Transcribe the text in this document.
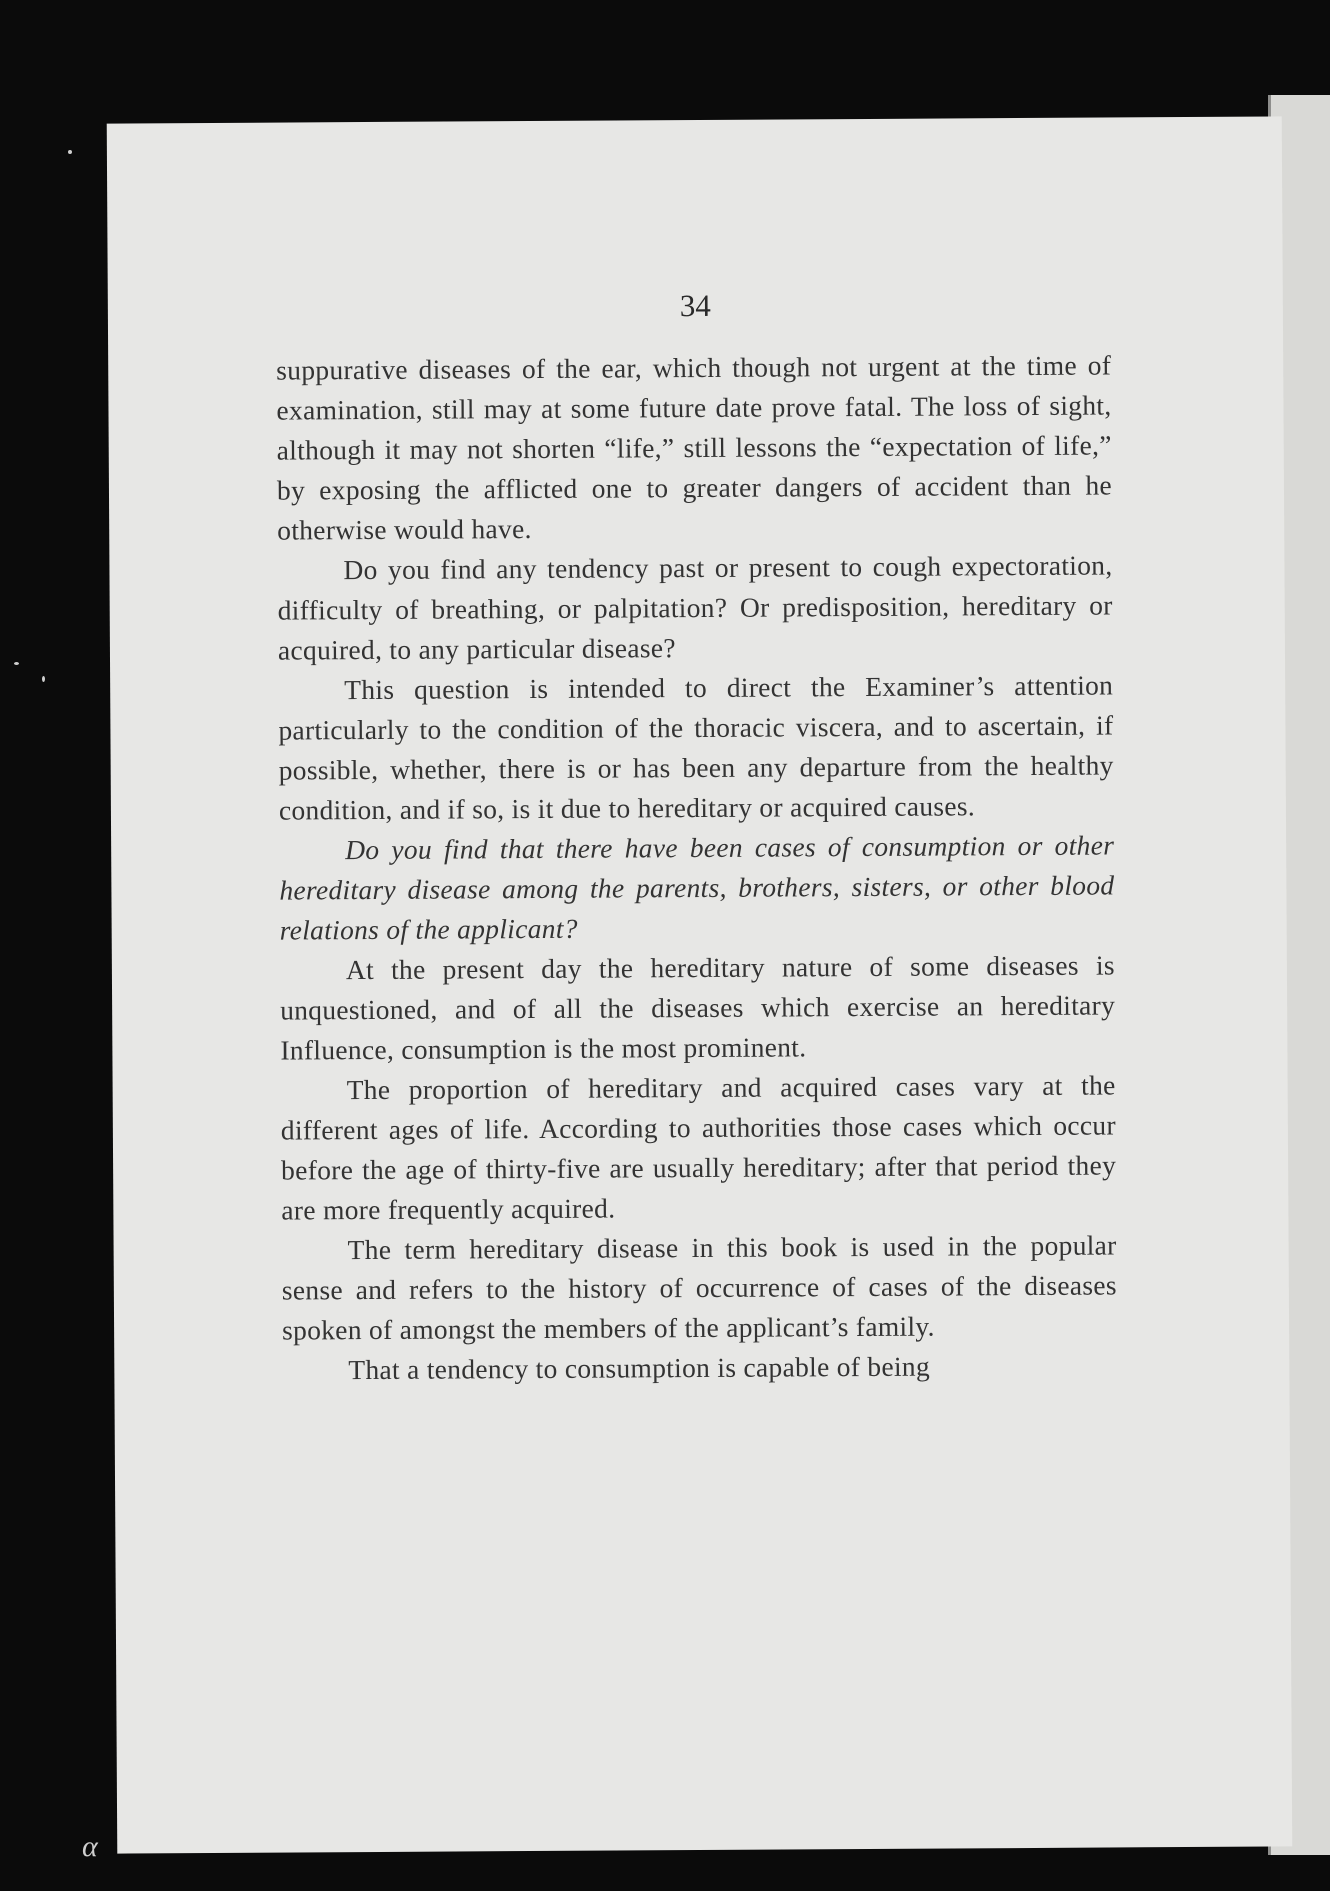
34

suppurative diseases of the ear, which though not urgent at the time of examination, still may at some future date prove fatal. The loss of sight, although it may not shorten “life,” still lessons the “expectation of life,” by exposing the afflicted one to greater dangers of accident than he otherwise would have.

Do you find any tendency past or present to cough expectoration, difficulty of breathing, or palpitation? Or predisposition, hereditary or acquired, to any particular disease?

This question is intended to direct the Examiner’s attention particularly to the condition of the thoracic viscera, and to ascertain, if possible, whether, there is or has been any departure from the healthy condition, and if so, is it due to hereditary or acquired causes.

Do you find that there have been cases of consumption or other hereditary disease among the parents, brothers, sisters, or other blood relations of the applicant?

At the present day the hereditary nature of some diseases is unquestioned, and of all the diseases which exercise an hereditary Influence, consumption is the most prominent.

The proportion of hereditary and acquired cases vary at the different ages of life. According to authorities those cases which occur before the age of thirty-five are usually hereditary; after that period they are more frequently acquired.

The term hereditary disease in this book is used in the popular sense and refers to the history of occurrence of cases of the diseases spoken of amongst the members of the applicant’s family.

That a tendency to consumption is capable of being

α
